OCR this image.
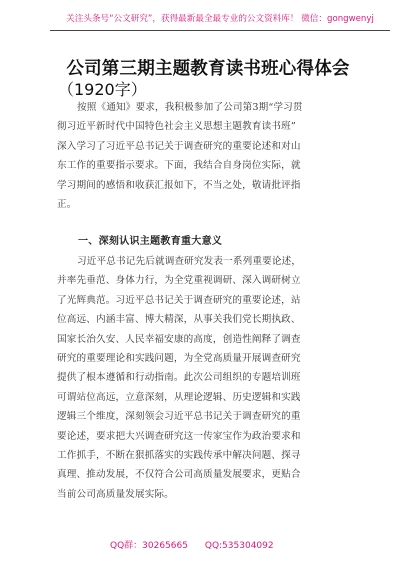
关注头条号“公文研究”，获得最新最全最专业的公文资料库！ 微信：gongwenyj
公司第三期主题教育读书班心得体会
（1920字）
按照《通知》要求，我积极参加了公司第3期“学习贯
彻习近平新时代中国特色社会主义思想主题教育读书班”
深入学习了习近平总书记关于调查研究的重要论述和对山
东工作的重要指示要求。下面，我结合自身岗位实际，就
学习期间的感悟和收获汇报如下，不当之处，敬请批评指
正。
一、深刻认识主题教育重大意义
习近平总书记先后就调查研究发表一系列重要论述，
并率先垂范、身体力行，为全党重视调研、深入调研树立
了光辉典范。习近平总书记关于调查研究的重要论述，站
位高远、内涵丰富、博大精深，从事关我们党长期执政、
国家长治久安、人民幸福安康的高度，创造性阐释了调查
研究的重要理论和实践问题，为全党高质量开展调查研究
提供了根本遵循和行动指南。此次公司组织的专题培训班
可谓站位高远，立意深刻，从理论逻辑、历史逻辑和实践
逻辑三个维度，深刻领会习近平总书记关于调查研究的重
要论述，要求把大兴调查研究这一传家宝作为政治要求和
工作抓手，不断在狠抓落实的实践传承中解决问题、探寻
真理、推动发展，不仅符合公司高质量发展要求，更贴合
当前公司高质量发展实际。
QQ群：30265665 QQ:535304092
